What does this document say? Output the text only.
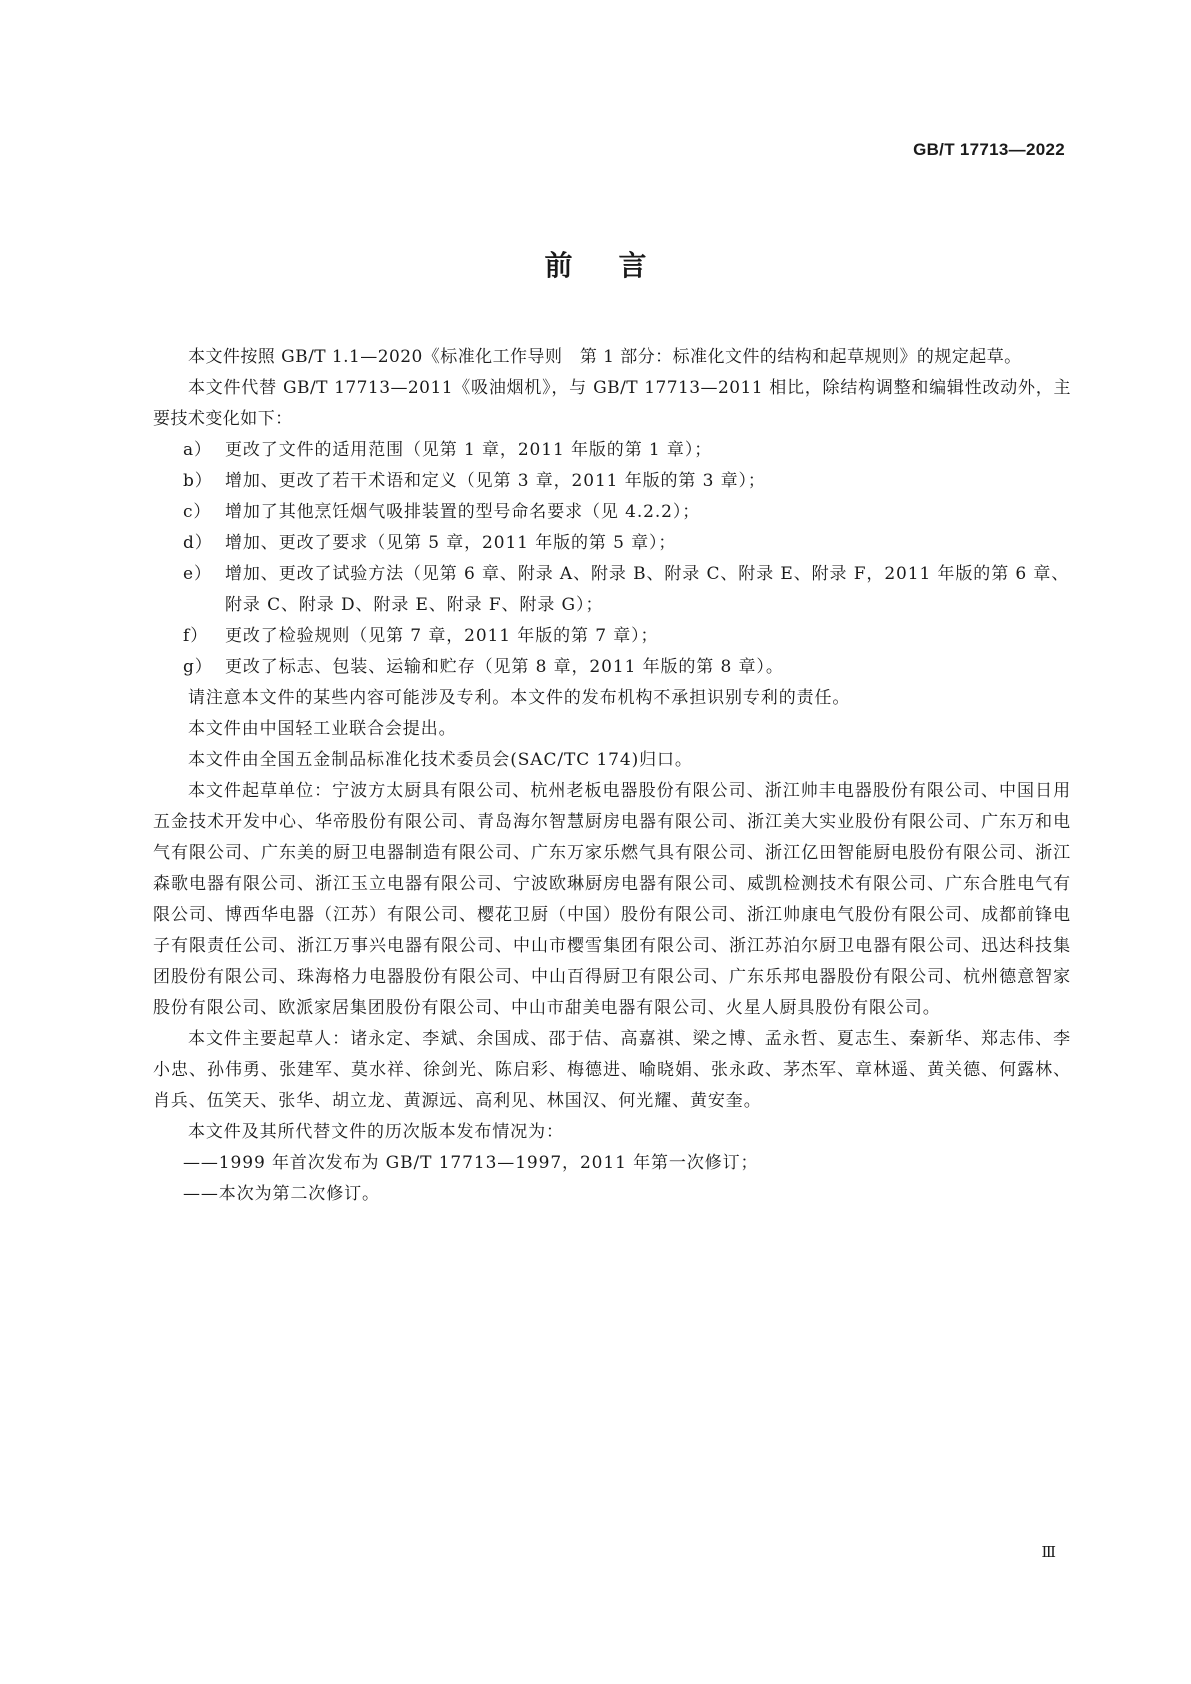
GB/T 17713—2022
前言

本文件按照 GB/T 1.1—2020《标准化工作导则　第 1 部分：标准化文件的结构和起草规则》的规定起草。

本文件代替 GB/T 17713—2011《吸油烟机》，与 GB/T 17713—2011 相比，除结构调整和编辑性改动外，主要技术变化如下：

a） 更改了文件的适用范围（见第 1 章，2011 年版的第 1 章）；
b） 增加、更改了若干术语和定义（见第 3 章，2011 年版的第 3 章）；
c） 增加了其他烹饪烟气吸排装置的型号命名要求（见 4.2.2）；
d） 增加、更改了要求（见第 5 章，2011 年版的第 5 章）；
e） 增加、更改了试验方法（见第 6 章、附录 A、附录 B、附录 C、附录 E、附录 F，2011 年版的第 6 章、附录 C、附录 D、附录 E、附录 F、附录 G）；
f） 更改了检验规则（见第 7 章，2011 年版的第 7 章）；
g） 更改了标志、包装、运输和贮存（见第 8 章，2011 年版的第 8 章）。

请注意本文件的某些内容可能涉及专利。本文件的发布机构不承担识别专利的责任。

本文件由中国轻工业联合会提出。

本文件由全国五金制品标准化技术委员会(SAC/TC 174)归口。

本文件起草单位：宁波方太厨具有限公司、杭州老板电器股份有限公司、浙江帅丰电器股份有限公司、中国日用五金技术开发中心、华帝股份有限公司、青岛海尔智慧厨房电器有限公司、浙江美大实业股份有限公司、广东万和电气有限公司、广东美的厨卫电器制造有限公司、广东万家乐燃气具有限公司、浙江亿田智能厨电股份有限公司、浙江森歌电器有限公司、浙江玉立电器有限公司、宁波欧琳厨房电器有限公司、威凯检测技术有限公司、广东合胜电气有限公司、博西华电器（江苏）有限公司、樱花卫厨（中国）股份有限公司、浙江帅康电气股份有限公司、成都前锋电子有限责任公司、浙江万事兴电器有限公司、中山市樱雪集团有限公司、浙江苏泊尔厨卫电器有限公司、迅达科技集团股份有限公司、珠海格力电器股份有限公司、中山百得厨卫有限公司、广东乐邦电器股份有限公司、杭州德意智家股份有限公司、欧派家居集团股份有限公司、中山市甜美电器有限公司、火星人厨具股份有限公司。

本文件主要起草人：诸永定、李斌、余国成、邵于佶、高嘉祺、梁之博、孟永哲、夏志生、秦新华、郑志伟、李小忠、孙伟勇、张建军、莫水祥、徐剑光、陈启彩、梅德进、喻晓娟、张永政、茅杰军、章林遥、黄关德、何露林、肖兵、伍笑天、张华、胡立龙、黄源远、高利见、林国汉、何光耀、黄安奎。

本文件及其所代替文件的历次版本发布情况为：

——1999 年首次发布为 GB/T 17713—1997，2011 年第一次修订；

——本次为第二次修订。

Ⅲ
